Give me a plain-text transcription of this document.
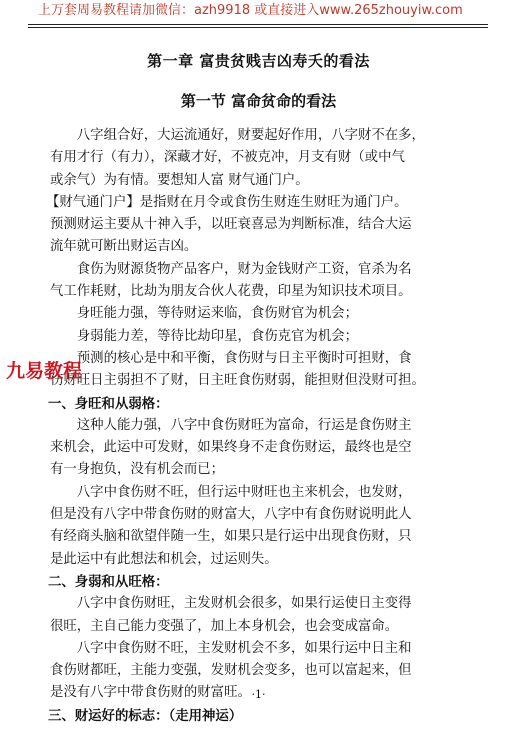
上万套周易教程请加微信：azh9918 或直接进入www.265zhouyiw.com
第一章 富贵贫贱吉凶寿夭的看法
第一节 富命贫命的看法
八字组合好，大运流通好，财要起好作用，八字财不在多，
有用才行（有力），深藏才好，不被克冲，月支有财（或中气
或余气）为有情。要想知人富 财气通门户。
【财气通门户】是指财在月令或食伤生财连生财旺为通门户。
预测财运主要从十神入手，以旺衰喜忌为判断标准，结合大运
流年就可断出财运吉凶。
食伤为财源货物产品客户，财为金钱财产工资，官杀为名
气工作耗财，比劫为朋友合伙人花费，印星为知识技术项目。
身旺能力强，等待财运来临，食伤财官为机会；
身弱能力差，等待比劫印星，食伤克官为机会；
预测的核心是中和平衡，食伤财与日主平衡时可担财，食
伤财旺日主弱担不了财，日主旺食伤财弱，能担财但没财可担。
一、身旺和从弱格：
这种人能力强，八字中食伤财旺为富命，行运是食伤财主
来机会，此运中可发财，如果终身不走食伤财运，最终也是空
有一身抱负，没有机会而已；
八字中食伤财不旺，但行运中财旺也主来机会，也发财，
但是没有八字中带食伤财的财富大，八字中有食伤财说明此人
有经商头脑和欲望伴随一生，如果只是行运中出现食伤财，只
是此运中有此想法和机会，过运则失。
二、身弱和从旺格：
八字中食伤财旺，主发财机会很多，如果行运使日主变得
很旺，主自己能力变强了，加上本身机会，也会变成富命。
八字中食伤财不旺，主发财机会不多，如果行运中日主和
食伤财都旺，主能力变强，发财机会变多，也可以富起来，但
是没有八字中带食伤财的财富旺。
三、财运好的标志：（走用神运）
九易教程
·1·
